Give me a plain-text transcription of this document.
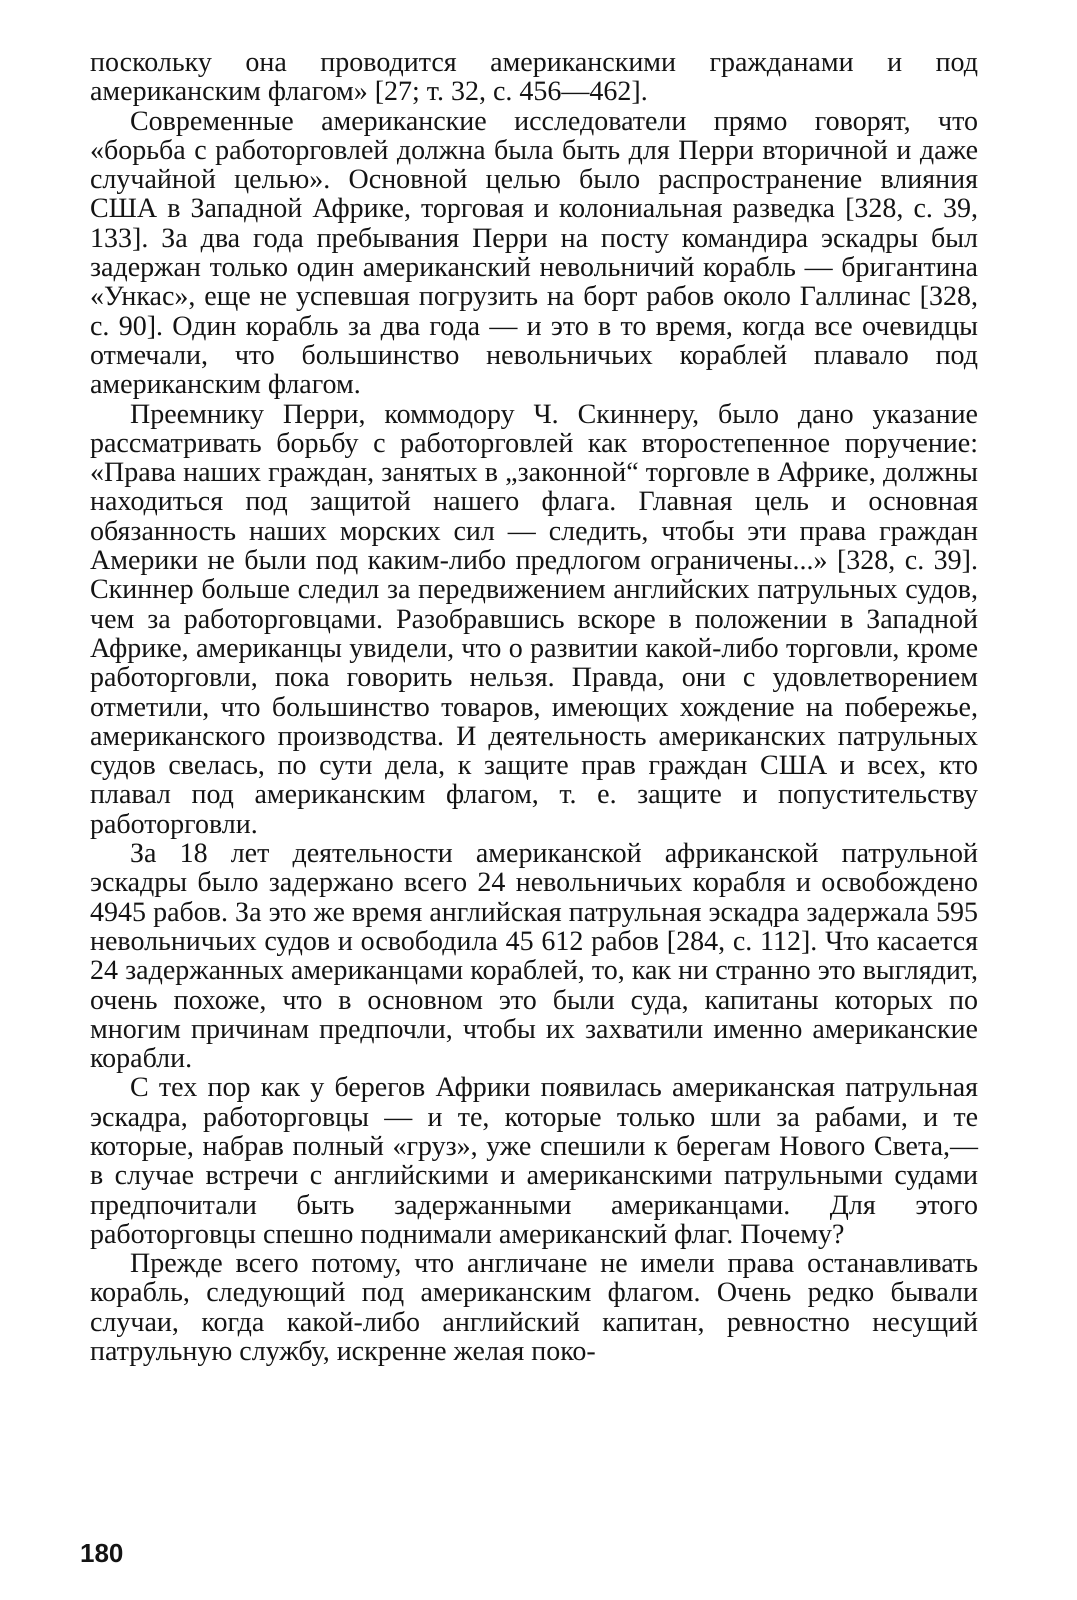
поскольку она проводится американскими гражданами и под американским флагом» [27; т. 32, с. 456—462].

Современные американские исследователи прямо говорят, что «борьба с работорговлей должна была быть для Перри вторичной и даже случайной целью». Основной целью было распространение влияния США в Западной Африке, торговая и колониальная разведка [328, с. 39, 133]. За два года пребывания Перри на посту командира эскадры был задержан только один американский невольничий корабль — бригантина «Ункас», еще не успевшая погрузить на борт рабов около Галлинас [328, с. 90]. Один корабль за два года — и это в то время, когда все очевидцы отмечали, что большинство невольничьих кораблей плавало под американским флагом.

Преемнику Перри, коммодору Ч. Скиннеру, было дано указание рассматривать борьбу с работорговлей как второстепенное поручение: «Права наших граждан, занятых в „законной“ торговле в Африке, должны находиться под защитой нашего флага. Главная цель и основная обязанность наших морских сил — следить, чтобы эти права граждан Америки не были под каким-либо предлогом ограничены...» [328, с. 39]. Скиннер больше следил за передвижением английских патрульных судов, чем за работорговцами. Разобравшись вскоре в положении в Западной Африке, американцы увидели, что о развитии какой-либо торговли, кроме работорговли, пока говорить нельзя. Правда, они с удовлетворением отметили, что большинство товаров, имеющих хождение на побережье, американского производства. И деятельность американских патрульных судов свелась, по сути дела, к защите прав граждан США и всех, кто плавал под американским флагом, т. е. защите и попустительству работорговли.

За 18 лет деятельности американской африканской патрульной эскадры было задержано всего 24 невольничьих корабля и освобождено 4945 рабов. За это же время английская патрульная эскадра задержала 595 невольничьих судов и освободила 45 612 рабов [284, с. 112]. Что касается 24 задержанных американцами кораблей, то, как ни странно это выглядит, очень похоже, что в основном это были суда, капитаны которых по многим причинам предпочли, чтобы их захватили именно американские корабли.

С тех пор как у берегов Африки появилась американская патрульная эскадра, работорговцы — и те, которые только шли за рабами, и те которые, набрав полный «груз», уже спешили к берегам Нового Света,— в случае встречи с английскими и американскими патрульными судами предпочитали быть задержанными американцами. Для этого работорговцы спешно поднимали американский флаг. Почему?

Прежде всего потому, что англичане не имели права останавливать корабль, следующий под американским флагом. Очень редко бывали случаи, когда какой-либо английский капитан, ревностно несущий патрульную службу, искренне желая поко-

180
